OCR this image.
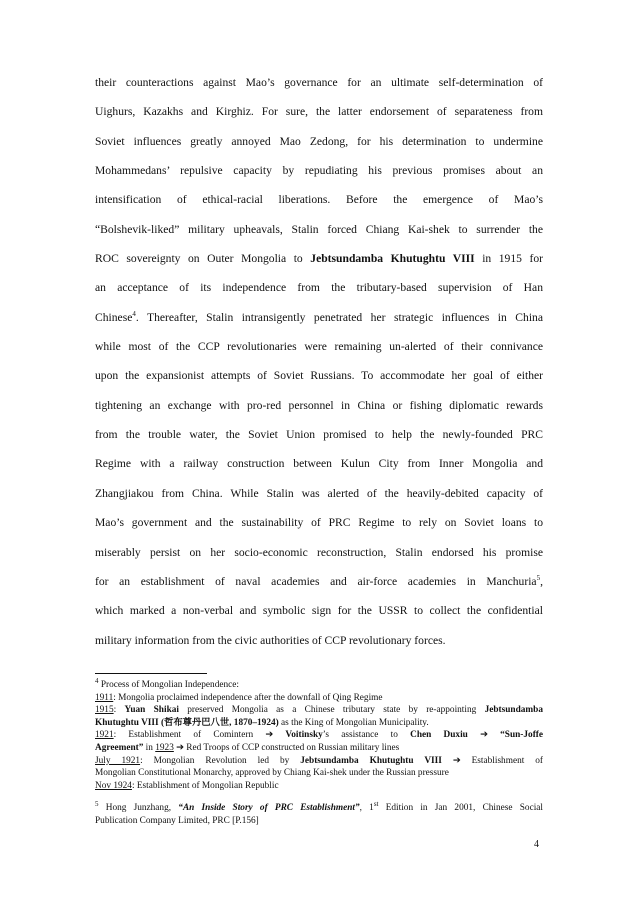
their counteractions against Mao’s governance for an ultimate self-determination of
Uighurs, Kazakhs and Kirghiz. For sure, the latter endorsement of separateness from
Soviet influences greatly annoyed Mao Zedong, for his determination to undermine
Mohammedans’ repulsive capacity by repudiating his previous promises about an
intensification of ethical-racial liberations. Before the emergence of Mao’s
“Bolshevik-liked” military upheavals, Stalin forced Chiang Kai-shek to surrender the
ROC sovereignty on Outer Mongolia to Jebtsundamba Khutughtu VIII in 1915 for
an acceptance of its independence from the tributary-based supervision of Han
Chinese$^4$. Thereafter, Stalin intransigently penetrated her strategic influences in China
while most of the CCP revolutionaries were remaining un-alerted of their connivance
upon the expansionist attempts of Soviet Russians. To accommodate her goal of either
tightening an exchange with pro-red personnel in China or fishing diplomatic rewards
from the trouble water, the Soviet Union promised to help the newly-founded PRC
Regime with a railway construction between Kulun City from Inner Mongolia and
Zhangjiakou from China. While Stalin was alerted of the heavily-debited capacity of
Mao’s government and the sustainability of PRC Regime to rely on Soviet loans to
miserably persist on her socio-economic reconstruction, Stalin endorsed his promise
for an establishment of naval academies and air-force academies in Manchuria$^5$,
which marked a non-verbal and symbolic sign for the USSR to collect the confidential
military information from the civic authorities of CCP revolutionary forces.
$^4$ Process of Mongolian Independence:
1911: Mongolia proclaimed independence after the downfall of Qing Regime
1915: Yuan Shikai preserved Mongolia as a Chinese tributary state by re-appointing Jebtsundamba
Khutughtu VIII (哲布尊丹巴八世, 1870–1924) as the King of Mongolian Municipality.
1921: Establishment of Comintern ➔ Voitinsky’s assistance to Chen Duxiu ➔ “Sun-Joffe
Agreement” in 1923 ➔ Red Troops of CCP constructed on Russian military lines
July 1921: Mongolian Revolution led by Jebtsundamba Khutughtu VIII ➔ Establishment of
Mongolian Constitutional Monarchy, approved by Chiang Kai-shek under the Russian pressure
Nov 1924: Establishment of Mongolian Republic
$^5$ Hong Junzhang, “An Inside Story of PRC Establishment”, 1st Edition in Jan 2001, Chinese Social
Publication Company Limited, PRC [P.156]
4
